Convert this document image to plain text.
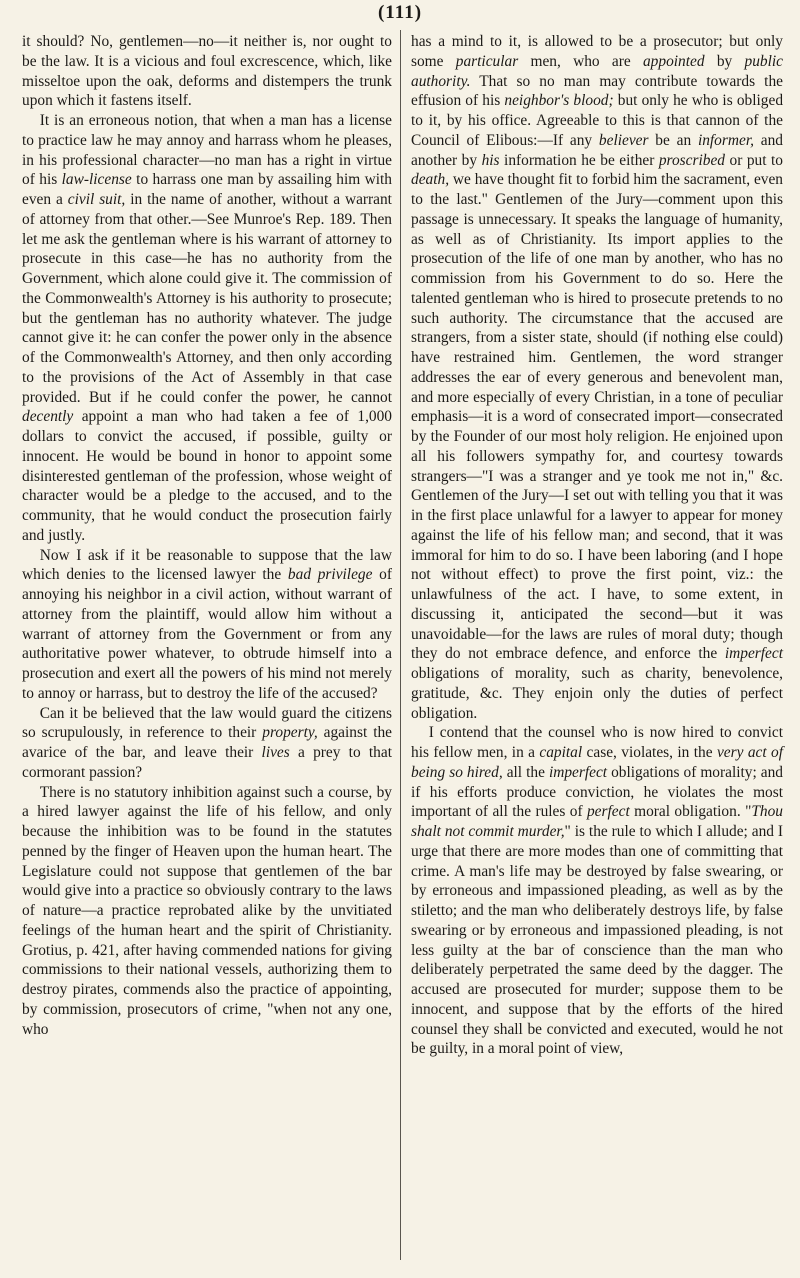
(111)

it should? No, gentlemen—no—it neither is, nor ought to be the law. It is a vicious and foul excrescence, which, like misseltoe upon the oak, deforms and distempers the trunk upon which it fastens itself.

It is an erroneous notion, that when a man has a license to practice law he may annoy and harrass whom he pleases, in his professional character—no man has a right in virtue of his law-license to harrass one man by assailing him with even a civil suit, in the name of another, without a warrant of attorney from that other.—See Munroe's Rep. 189. Then let me ask the gentleman where is his warrant of attorney to prosecute in this case—he has no authority from the Government, which alone could give it. The commission of the Commonwealth's Attorney is his authority to prosecute; but the gentleman has no authority whatever. The judge cannot give it: he can confer the power only in the absence of the Commonwealth's Attorney, and then only according to the provisions of the Act of Assembly in that case provided. But if he could confer the power, he cannot decently appoint a man who had taken a fee of 1,000 dollars to convict the accused, if possible, guilty or innocent. He would be bound in honor to appoint some disinterested gentleman of the profession, whose weight of character would be a pledge to the accused, and to the community, that he would conduct the prosecution fairly and justly.

Now I ask if it be reasonable to suppose that the law which denies to the licensed lawyer the bad privilege of annoying his neighbor in a civil action, without warrant of attorney from the plaintiff, would allow him without a warrant of attorney from the Government or from any authoritative power whatever, to obtrude himself into a prosecution and exert all the powers of his mind not merely to annoy or harrass, but to destroy the life of the accused?

Can it be believed that the law would guard the citizens so scrupulously, in reference to their property, against the avarice of the bar, and leave their lives a prey to that cormorant passion?

There is no statutory inhibition against such a course, by a hired lawyer against the life of his fellow, and only because the inhibition was to be found in the statutes penned by the finger of Heaven upon the human heart. The Legislature could not suppose that gentlemen of the bar would give into a practice so obviously contrary to the laws of nature—a practice reprobated alike by the unvitiated feelings of the human heart and the spirit of Christianity. Grotius, p. 421, after having commended nations for giving commissions to their national vessels, authorizing them to destroy pirates, commends also the practice of appointing, by commission, prosecutors of crime, "when not any one, who

has a mind to it, is allowed to be a prosecutor; but only some particular men, who are appointed by public authority. That so no man may contribute towards the effusion of his neighbor's blood; but only he who is obliged to it, by his office. Agreeable to this is that cannon of the Council of Elibous:—If any believer be an informer, and another by his information he be either proscribed or put to death, we have thought fit to forbid him the sacrament, even to the last." Gentlemen of the Jury—comment upon this passage is unnecessary. It speaks the language of humanity, as well as of Christianity. Its import applies to the prosecution of the life of one man by another, who has no commission from his Government to do so. Here the talented gentleman who is hired to prosecute pretends to no such authority. The circumstance that the accused are strangers, from a sister state, should (if nothing else could) have restrained him. Gentlemen, the word stranger addresses the ear of every generous and benevolent man, and more especially of every Christian, in a tone of peculiar emphasis—it is a word of consecrated import—consecrated by the Founder of our most holy religion. He enjoined upon all his followers sympathy for, and courtesy towards strangers—"I was a stranger and ye took me not in," &c. Gentlemen of the Jury—I set out with telling you that it was in the first place unlawful for a lawyer to appear for money against the life of his fellow man; and second, that it was immoral for him to do so. I have been laboring (and I hope not without effect) to prove the first point, viz.: the unlawfulness of the act. I have, to some extent, in discussing it, anticipated the second—but it was unavoidable—for the laws are rules of moral duty; though they do not embrace defence, and enforce the imperfect obligations of morality, such as charity, benevolence, gratitude, &c. They enjoin only the duties of perfect obligation.

I contend that the counsel who is now hired to convict his fellow men, in a capital case, violates, in the very act of being so hired, all the imperfect obligations of morality; and if his efforts produce conviction, he violates the most important of all the rules of perfect moral obligation. "Thou shalt not commit murder," is the rule to which I allude; and I urge that there are more modes than one of committing that crime. A man's life may be destroyed by false swearing, or by erroneous and impassioned pleading, as well as by the stiletto; and the man who deliberately destroys life, by false swearing or by erroneous and impassioned pleading, is not less guilty at the bar of conscience than the man who deliberately perpetrated the same deed by the dagger. The accused are prosecuted for murder; suppose them to be innocent, and suppose that by the efforts of the hired counsel they shall be convicted and executed, would he not be guilty, in a moral point of view,
